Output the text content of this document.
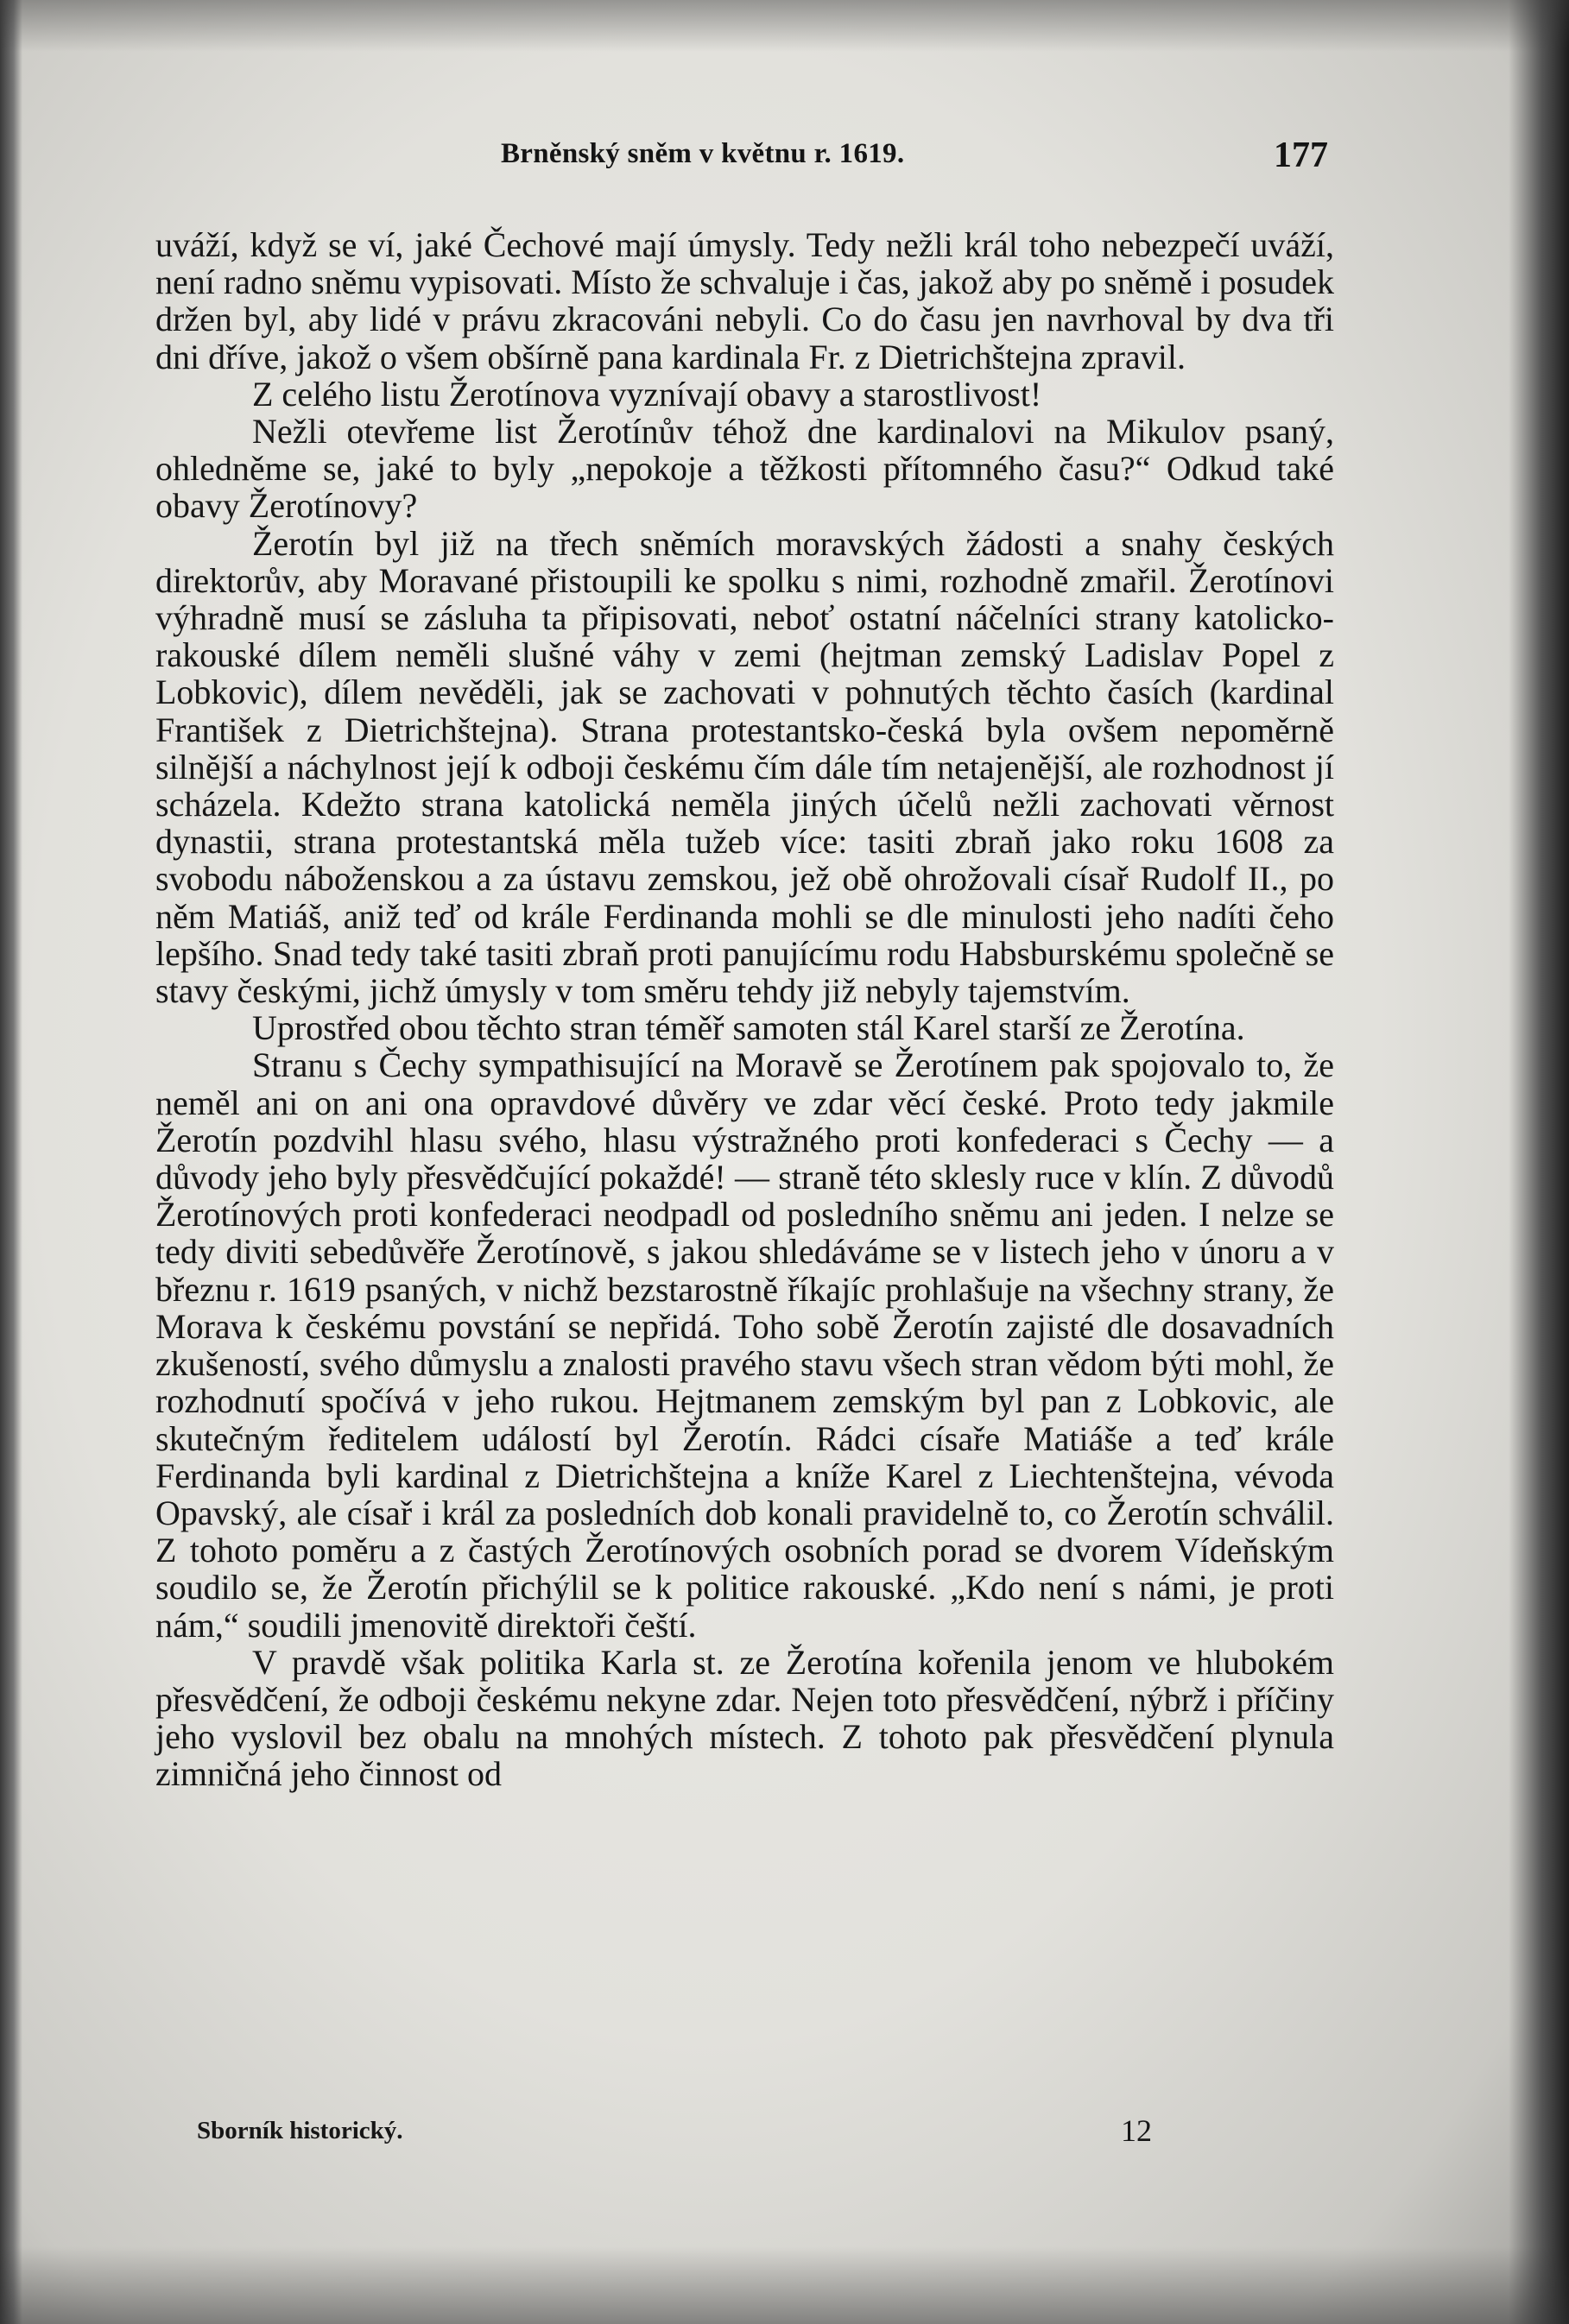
Brněnský sněm v květnu r. 1619.	177

uváží, když se ví, jaké Čechové mají úmysly. Tedy nežli král toho nebezpečí uváží, není radno sněmu vypisovati. Místo že schvaluje i čas, jakož aby po sněmě i posudek držen byl, aby lidé v právu zkracováni nebyli. Co do času jen navrhoval by dva tři dni dříve, jakož o všem obšírně pana kardinala Fr. z Dietrichštejna zpravil.

Z celého listu Žerotínova vyznívají obavy a starostlivost!

Nežli otevřeme list Žerotínův téhož dne kardinalovi na Mikulov psaný, ohledněme se, jaké to byly „nepokoje a těžkosti přítomného času?“ Odkud také obavy Žerotínovy?

Žerotín byl již na třech sněmích moravských žádosti a snahy českých direktorův, aby Moravané přistoupili ke spolku s nimi, rozhodně zmařil. Žerotínovi výhradně musí se zásluha ta připisovati, neboť ostatní náčelníci strany katolicko-rakouské dílem neměli slušné váhy v zemi (hejtman zemský Ladislav Popel z Lobkovic), dílem nevěděli, jak se zachovati v pohnutých těchto časích (kardinal František z Dietrichštejna). Strana protestantsko-česká byla ovšem nepoměrně silnější a náchylnost její k odboji českému čím dále tím netajenější, ale rozhodnost jí scházela. Kdežto strana katolická neměla jiných účelů nežli zachovati věrnost dynastii, strana protestantská měla tužeb více: tasiti zbraň jako roku 1608 za svobodu náboženskou a za ústavu zemskou, jež obě ohrožovali císař Rudolf II., po něm Matiáš, aniž teď od krále Ferdinanda mohli se dle minulosti jeho nadíti čeho lepšího. Snad tedy také tasiti zbraň proti panujícímu rodu Habsburskému společně se stavy českými, jichž úmysly v tom směru tehdy již nebyly tajemstvím.

Uprostřed obou těchto stran téměř samoten stál Karel starší ze Žerotína.

Stranu s Čechy sympathisující na Moravě se Žerotínem pak spojovalo to, že neměl ani on ani ona opravdové důvěry ve zdar věcí české. Proto tedy jakmile Žerotín pozdvihl hlasu svého, hlasu výstražného proti konfederaci s Čechy — a důvody jeho byly přesvědčující pokaždé! — straně této sklesly ruce v klín. Z důvodů Žerotínových proti konfederaci neodpadl od posledního sněmu ani jeden. I nelze se tedy diviti sebedůvěře Žerotínově, s jakou shledáváme se v listech jeho v únoru a v březnu r. 1619 psaných, v nichž bezstarostně říkajíc prohlašuje na všechny strany, že Morava k českému povstání se nepřidá. Toho sobě Žerotín zajisté dle dosavadních zkušeností, svého důmyslu a znalosti pravého stavu všech stran vědom býti mohl, že rozhodnutí spočívá v jeho rukou. Hejtmanem zemským byl pan z Lobkovic, ale skutečným ředitelem událostí byl Žerotín. Rádci císaře Matiáše a teď krále Ferdinanda byli kardinal z Dietrichštejna a kníže Karel z Liechtenštejna, vévoda Opavský, ale císař i král za posledních dob konali pravidelně to, co Žerotín schválil. Z tohoto poměru a z častých Žerotínových osobních porad se dvorem Vídeňským soudilo se, že Žerotín přichýlil se k politice rakouské. „Kdo není s námi, je proti nám,“ soudili jmenovitě direktoři čeští.

V pravdě však politika Karla st. ze Žerotína kořenila jenom ve hlubokém přesvědčení, že odboji českému nekyne zdar. Nejen toto přesvědčení, nýbrž i příčiny jeho vyslovil bez obalu na mnohých místech. Z tohoto pak přesvědčení plynula zimničná jeho činnost od

Sborník historický.	12
